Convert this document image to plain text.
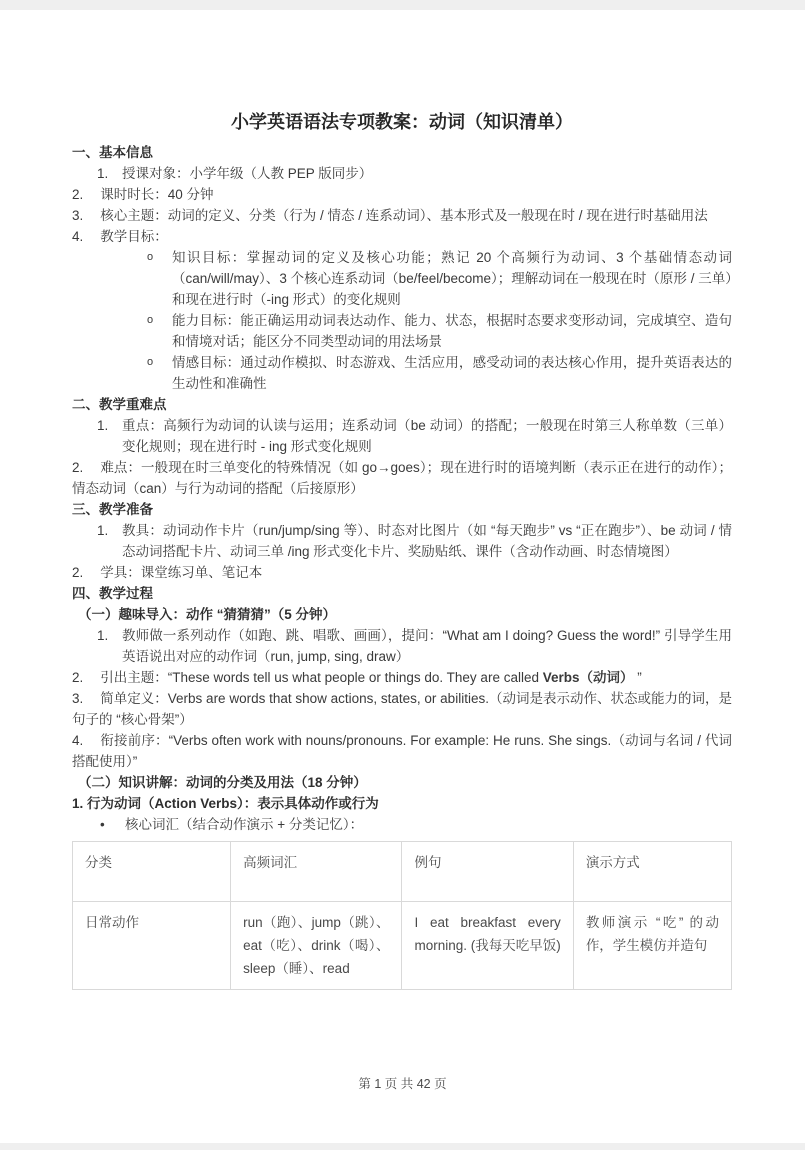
小学英语语法专项教案：动词（知识清单）
一、基本信息
1.	授课对象：小学年级（人教 PEP 版同步）
2. 课时时长：40 分钟
3. 核心主题：动词的定义、分类（行为 / 情态 / 连系动词）、基本形式及一般现在时 / 现在进行时基础用法
4. 教学目标：
o	知识目标：掌握动词的定义及核心功能；熟记 20 个高频行为动词、3 个基础情态动词（can/will/may）、3 个核心连系动词（be/feel/become）；理解动词在一般现在时（原形 / 三单）和现在进行时（-ing 形式）的变化规则
o	能力目标：能正确运用动词表达动作、能力、状态，根据时态要求变形动词，完成填空、造句和情境对话；能区分不同类型动词的用法场景
o	情感目标：通过动作模拟、时态游戏、生活应用，感受动词的表达核心作用，提升英语表达的生动性和准确性
二、教学重难点
1.	重点：高频行为动词的认读与运用；连系动词（be 动词）的搭配；一般现在时第三人称单数（三单）变化规则；现在进行时 - ing 形式变化规则
2. 难点：一般现在时三单变化的特殊情况（如 go→goes）；现在进行时的语境判断（表示正在进行的动作）；情态动词（can）与行为动词的搭配（后接原形）
三、教学准备
1.	教具：动词动作卡片（run/jump/sing 等）、时态对比图片（如 “每天跑步” vs “正在跑步”）、be 动词 / 情态动词搭配卡片、动词三单 /ing 形式变化卡片、奖励贴纸、课件（含动作动画、时态情境图）
2. 学具：课堂练习单、笔记本
四、教学过程
（一）趣味导入：动作 “猜猜猜”（5 分钟）
1.	教师做一系列动作（如跑、跳、唱歌、画画），提问：“What am I doing? Guess the word!” 引导学生用英语说出对应的动作词（run, jump, sing, draw）
2. 引出主题：“These words tell us what people or things do. They are called Verbs（动词） ”
3. 简单定义：Verbs are words that show actions, states, or abilities.（动词是表示动作、状态或能力的词，是句子的 “核心骨架”）
4. 衔接前序：“Verbs often work with nouns/pronouns. For example: He runs. She sings.（动词与名词 / 代词搭配使用）”
（二）知识讲解：动词的分类及用法（18 分钟）
1. 行为动词（Action Verbs）：表示具体动作或行为
•	核心词汇（结合动作演示 + 分类记忆）：
分类	高频词汇	例句	演示方式
日常动作	run（跑）、jump（跳）、eat（吃）、drink（喝）、sleep（睡）、read	I eat breakfast every morning. (我每天吃早饭)	教师演示 “吃” 的动作，学生模仿并造句
第 1 页 共 42 页
